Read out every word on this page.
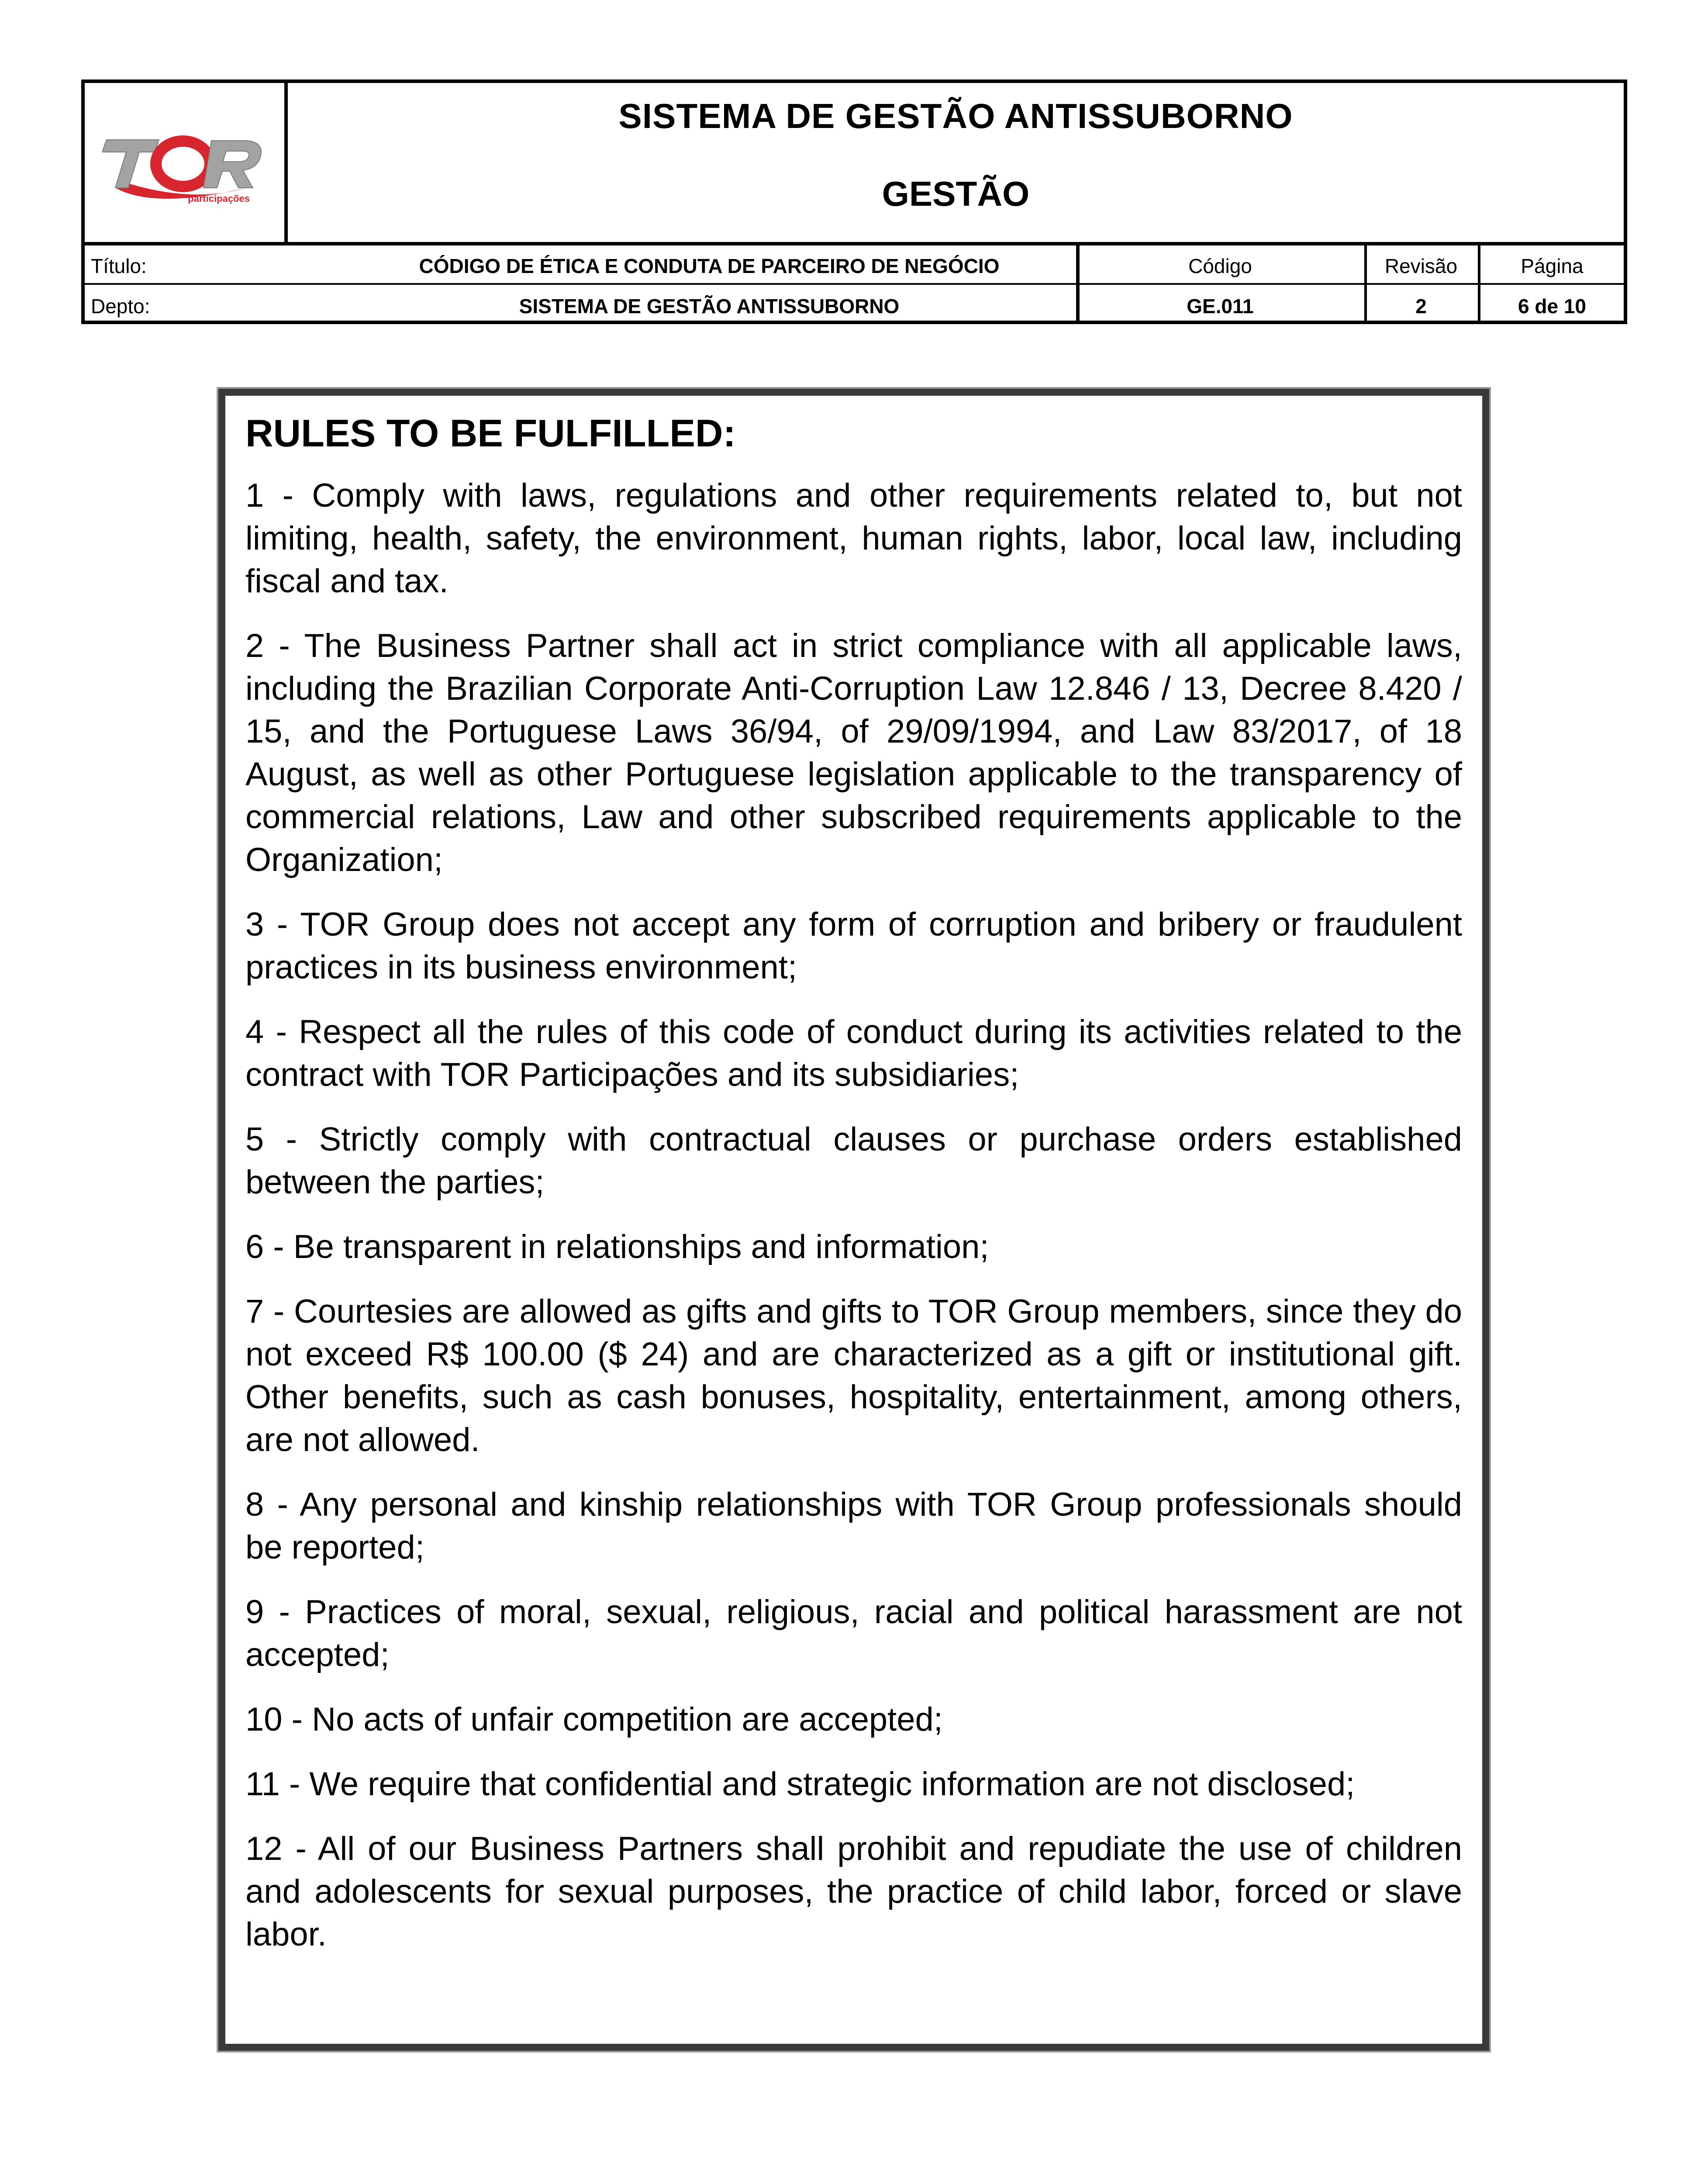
participações
SISTEMA DE GESTÃO ANTISSUBORNO
GESTÃO
Título:	CÓDIGO DE ÉTICA E CONDUTA DE PARCEIRO DE NEGÓCIO	Código	Revisão	Página
Depto:	SISTEMA DE GESTÃO ANTISSUBORNO	GE.011	2	6 de 10
RULES TO BE FULFILLED:

1 - Comply with laws, regulations and other requirements related to, but not limiting, health, safety, the environment, human rights, labor, local law, including fiscal and tax.

2 - The Business Partner shall act in strict compliance with all applicable laws, including the Brazilian Corporate Anti-Corruption Law 12.846 / 13, Decree 8.420 / 15, and the Portuguese Laws 36/94, of 29/09/1994, and Law 83/2017, of 18 August, as well as other Portuguese legislation applicable to the transparency of commercial relations, Law and other subscribed requirements applicable to the Organization;

3 - TOR Group does not accept any form of corruption and bribery or fraudulent practices in its business environment;

4 - Respect all the rules of this code of conduct during its activities related to the contract with TOR Participações and its subsidiaries;

5 - Strictly comply with contractual clauses or purchase orders established between the parties;

6 - Be transparent in relationships and information;

7 - Courtesies are allowed as gifts and gifts to TOR Group members, since they do not exceed R$ 100.00 ($ 24) and are characterized as a gift or institutional gift. Other benefits, such as cash bonuses, hospitality, entertainment, among others, are not allowed.

8 - Any personal and kinship relationships with TOR Group professionals should be reported;

9 - Practices of moral, sexual, religious, racial and political harassment are not accepted;

10 - No acts of unfair competition are accepted;

11 - We require that confidential and strategic information are not disclosed;

12 - All of our Business Partners shall prohibit and repudiate the use of children and adolescents for sexual purposes, the practice of child labor, forced or slave labor.
